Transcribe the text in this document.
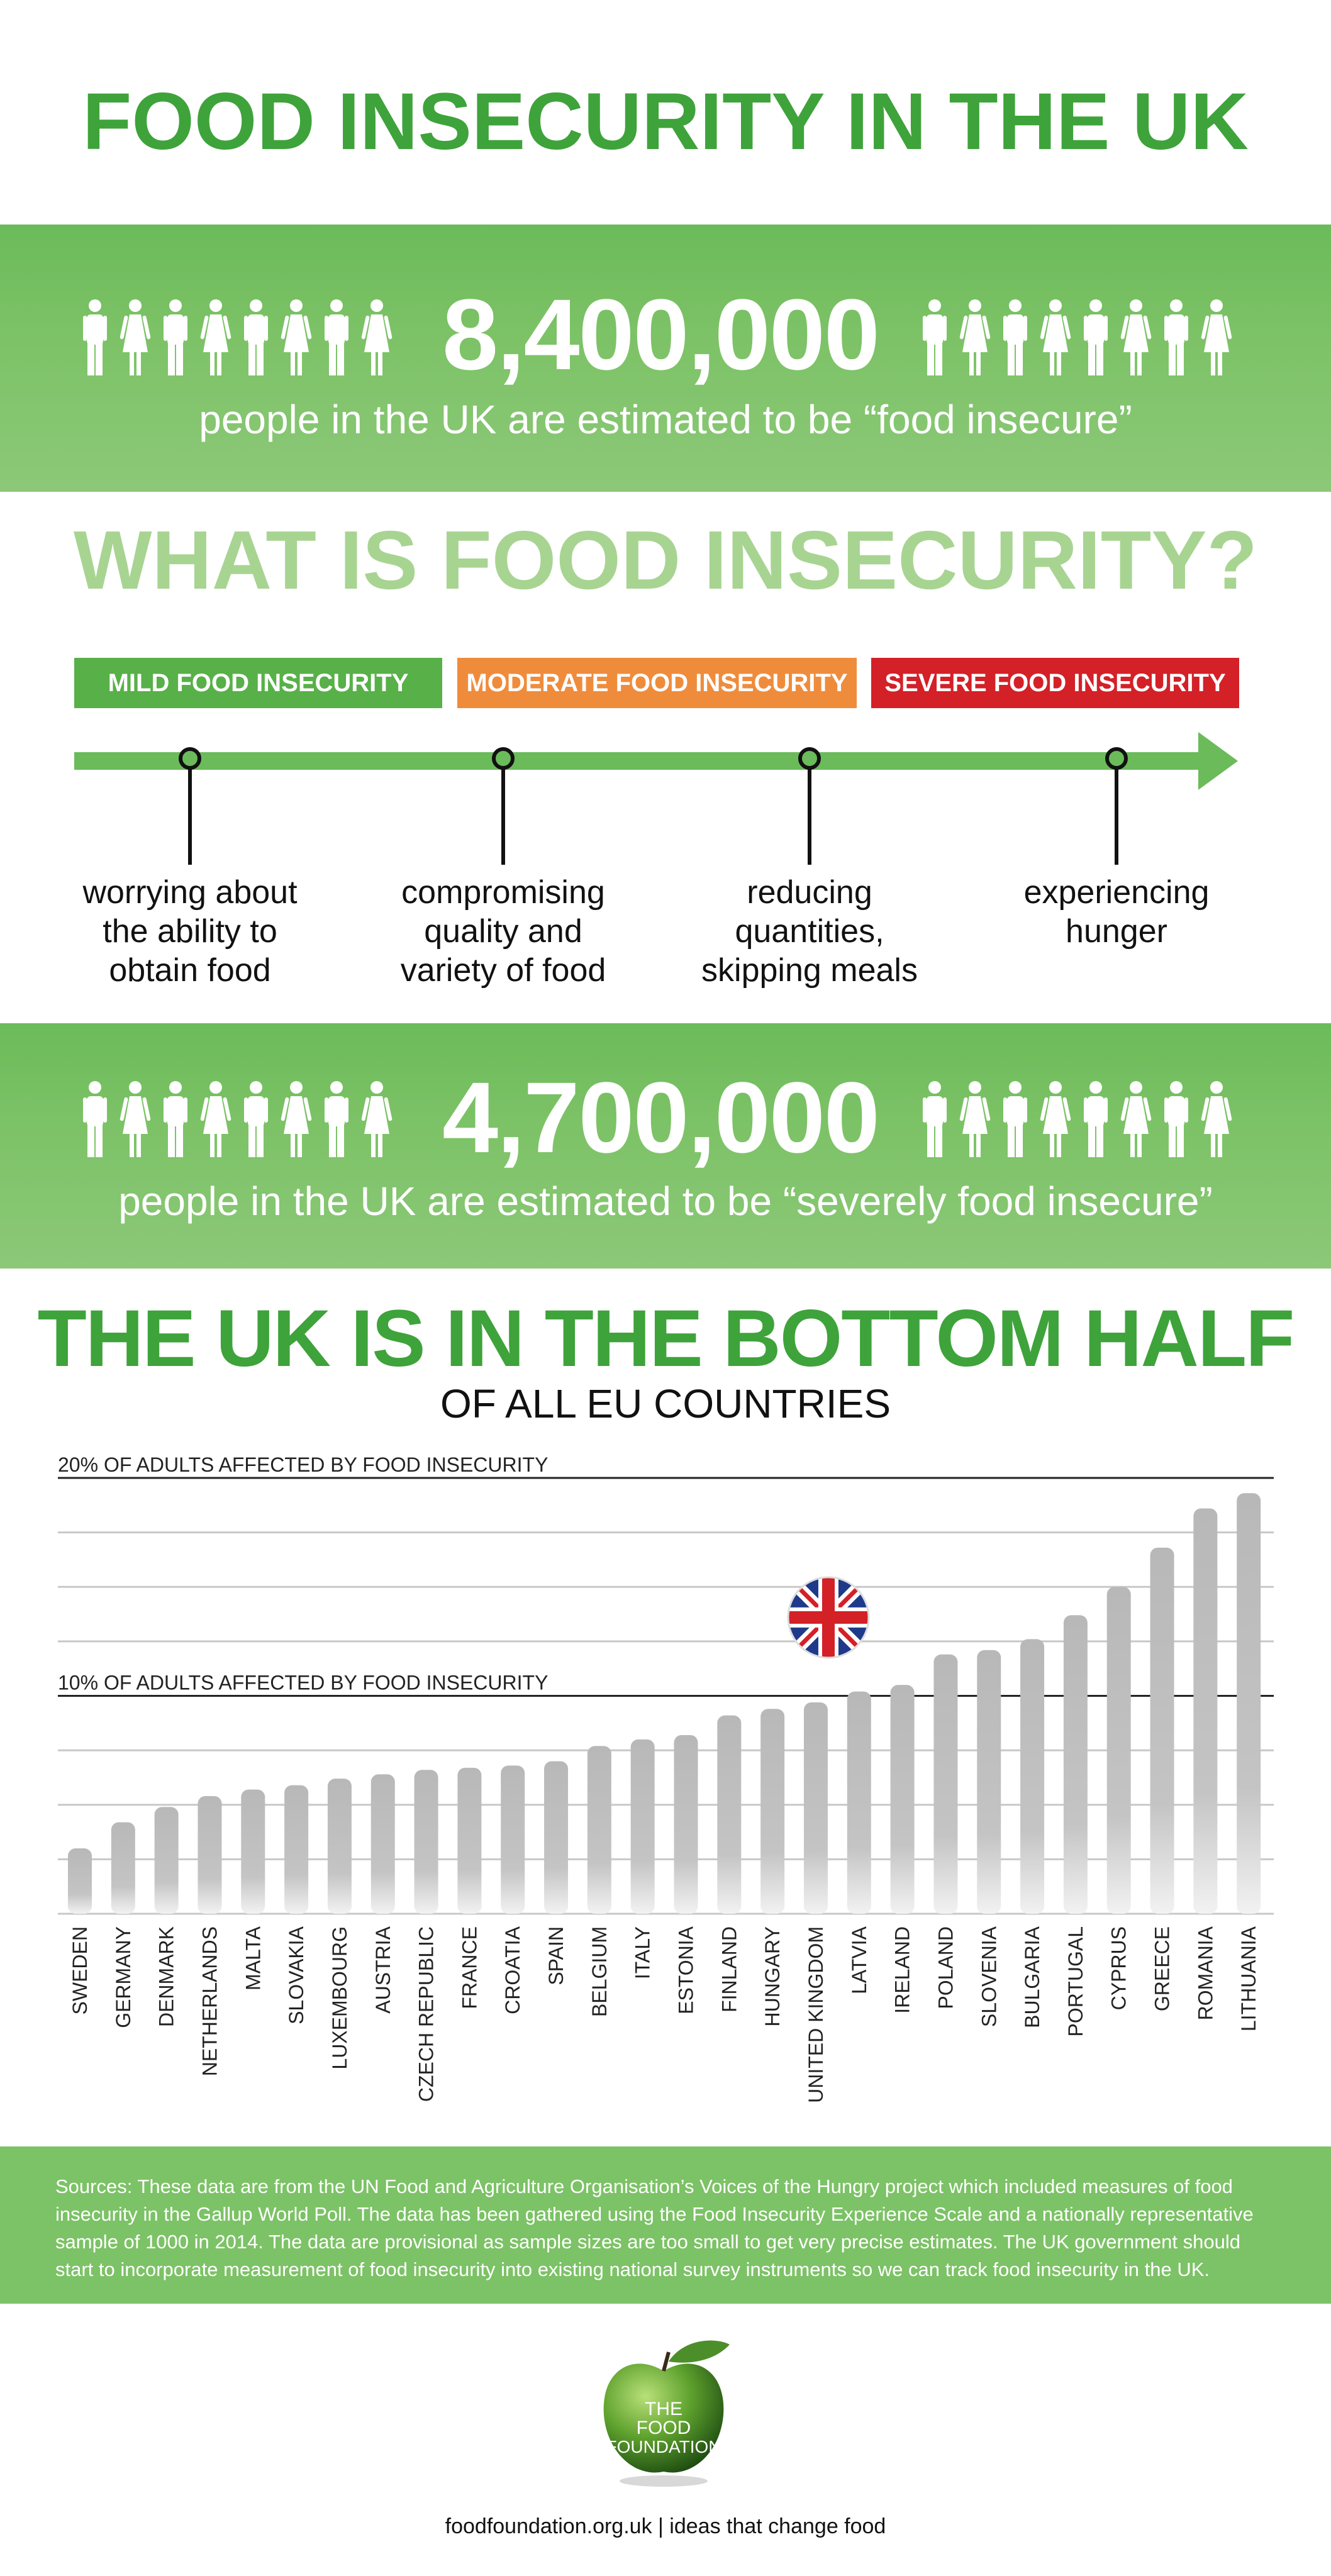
FOOD INSECURITY IN THE UK
8,400,000
people in the UK are estimated to be “food insecure”
WHAT IS FOOD INSECURITY?
MILD FOOD INSECURITY	MODERATE FOOD INSECURITY	SEVERE FOOD INSECURITY
worrying about
the ability to
obtain food
compromising
quality and
variety of food
reducing
quantities,
skipping meals
experiencing
hunger
4,700,000
people in the UK are estimated to be “severely food insecure”
THE UK IS IN THE BOTTOM HALF
OF ALL EU COUNTRIES
20% OF ADULTS AFFECTED BY FOOD INSECURITY
10% OF ADULTS AFFECTED BY FOOD INSECURITY
SWEDEN GERMANY DENMARK NETHERLANDS MALTA SLOVAKIA LUXEMBOURG AUSTRIA CZECH REPUBLIC FRANCE CROATIA SPAIN BELGIUM ITALY ESTONIA FINLAND HUNGARY UNITED KINGDOM LATVIA IRELAND POLAND SLOVENIA BULGARIA PORTUGAL CYPRUS GREECE ROMANIA LITHUANIA
Sources: These data are from the UN Food and Agriculture Organisation’s Voices of the Hungry project which included measures of food insecurity in the Gallup World Poll. The data has been gathered using the Food Insecurity Experience Scale and a nationally representative sample of 1000 in 2014. The data are provisional as sample sizes are too small to get very precise estimates. The UK government should start to incorporate measurement of food insecurity into existing national survey instruments so we can track food insecurity in the UK.
THE
FOOD
FOUNDATION
foodfoundation.org.uk | ideas that change food
